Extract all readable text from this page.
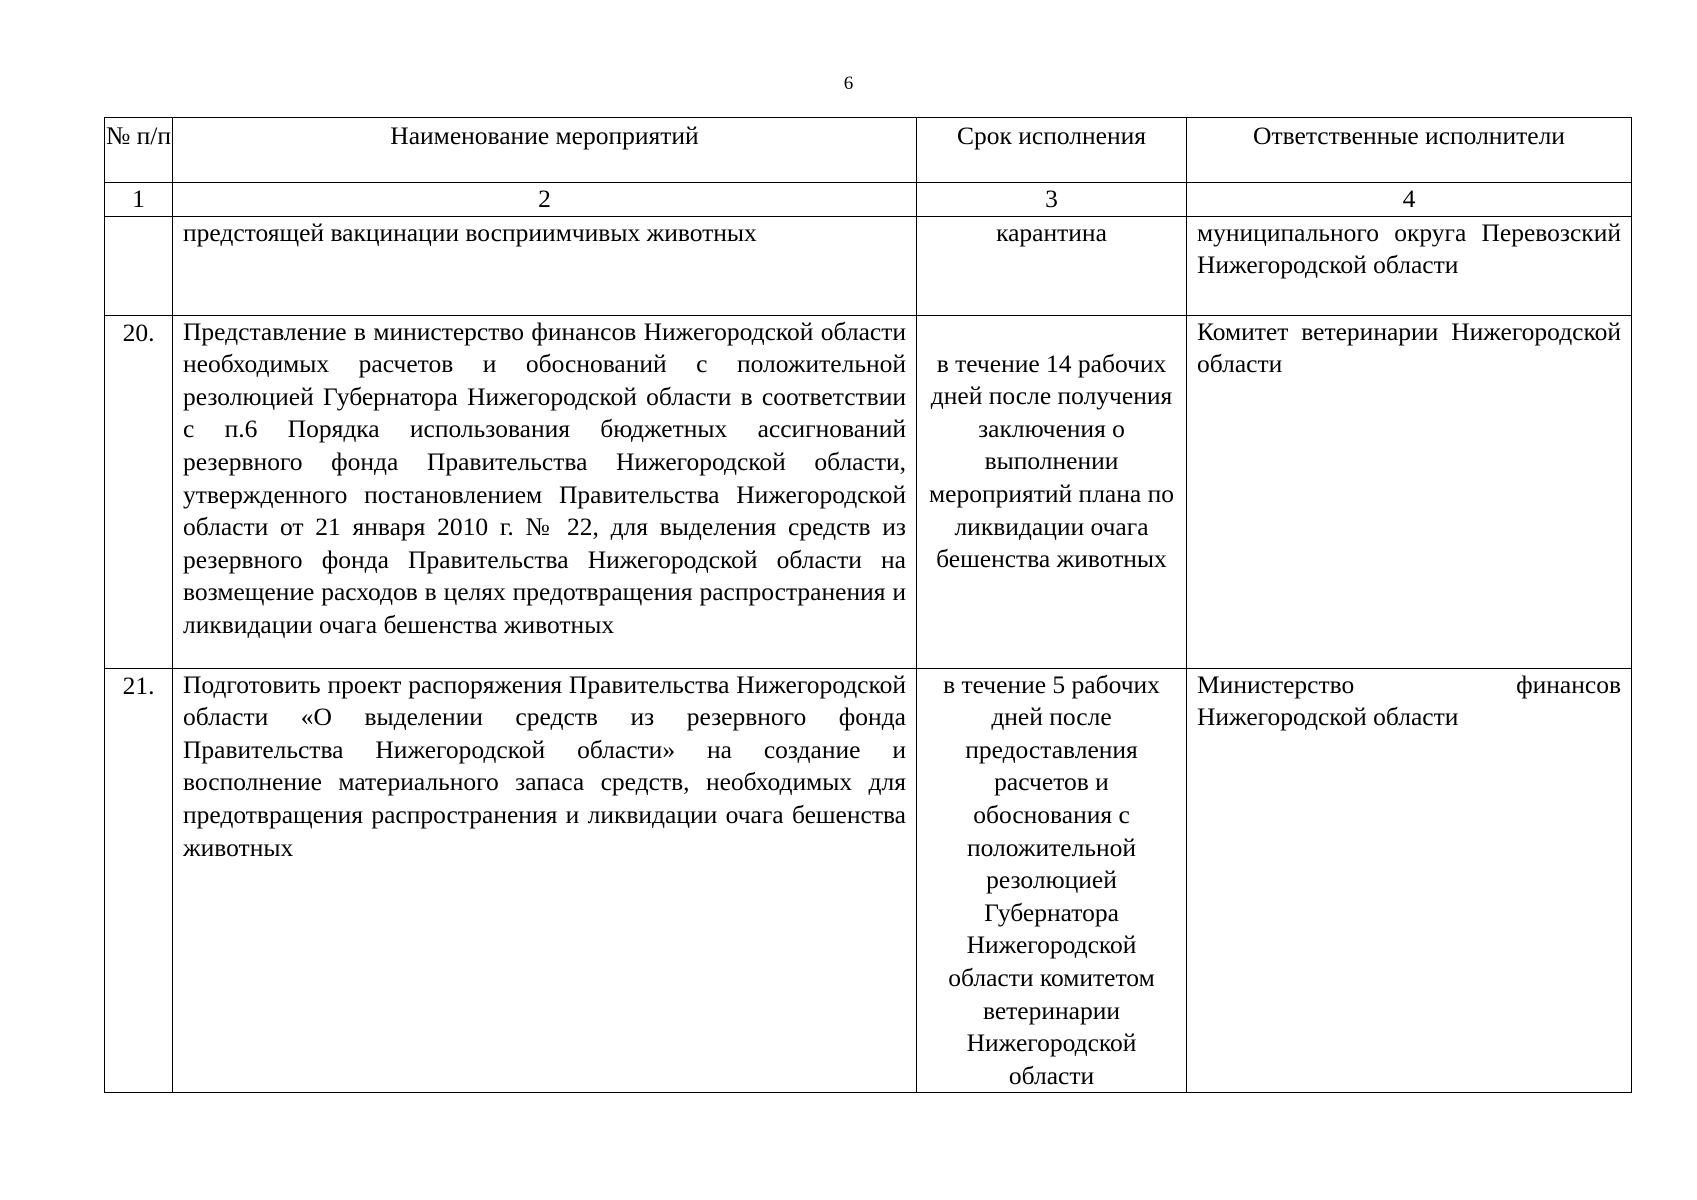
6
№ п/п	Наименование мероприятий	Срок исполнения	Ответственные исполнители

1	2	3	4

	предстоящей вакцинации восприимчивых животных	карантина	муниципального округа Перевозский Нижегородской области

20.	Представление в министерство финансов Нижегородской области необходимых расчетов и обоснований с положительной резолюцией Губернатора Нижегородской области в соответствии с п.6 Порядка использования бюджетных ассигнований резервного фонда Правительства Нижегородской области, утвержденного постановлением Правительства Нижегородской области от 21 января 2010 г. № 22, для выделения средств из резервного фонда Правительства Нижегородской области на возмещение расходов в целях предотвращения распространения и ликвидации очага бешенства животных	в течение 14 рабочих дней после получения заключения о выполнении мероприятий плана по ликвидации очага бешенства животных	Комитет ветеринарии Нижегородской области

21.	Подготовить проект распоряжения Правительства Нижегородской области «О выделении средств из резервного фонда Правительства Нижегородской области» на создание и восполнение материального запаса средств, необходимых для предотвращения распространения и ликвидации очага бешенства животных	в течение 5 рабочих дней после предоставления расчетов и обоснования с положительной резолюцией Губернатора Нижегородской области комитетом ветеринарии Нижегородской области	Министерство финансов Нижегородской области
